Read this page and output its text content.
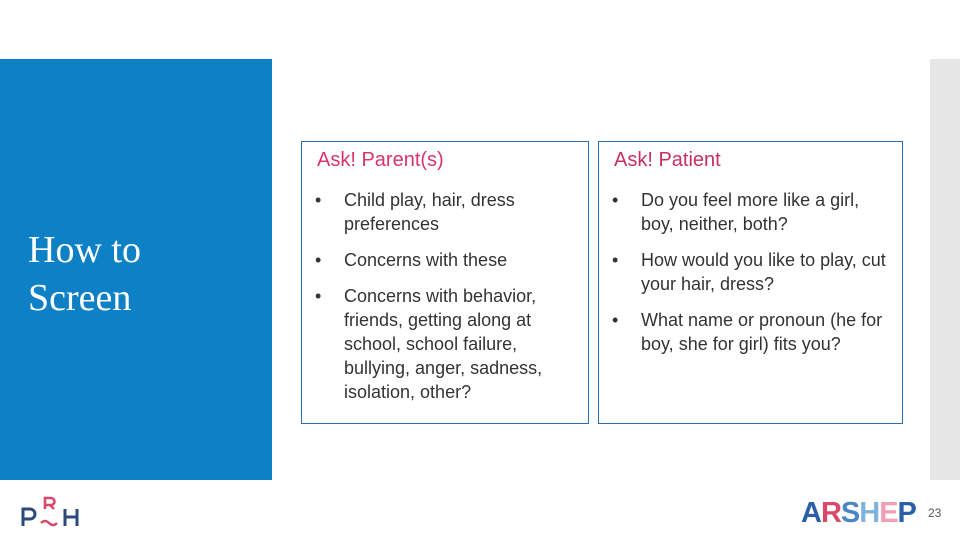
How to Screen
Ask! Parent(s)
•	Child play, hair, dress preferences
•	Concerns with these
•	Concerns with behavior, friends, getting along at school, school failure, bullying, anger, sadness, isolation, other?
Ask! Patient
•	Do you feel more like a girl, boy, neither, both?
•	How would you like to play, cut your hair, dress?
•	What name or pronoun (he for boy, she for girl) fits you?
ARSHEP 23
